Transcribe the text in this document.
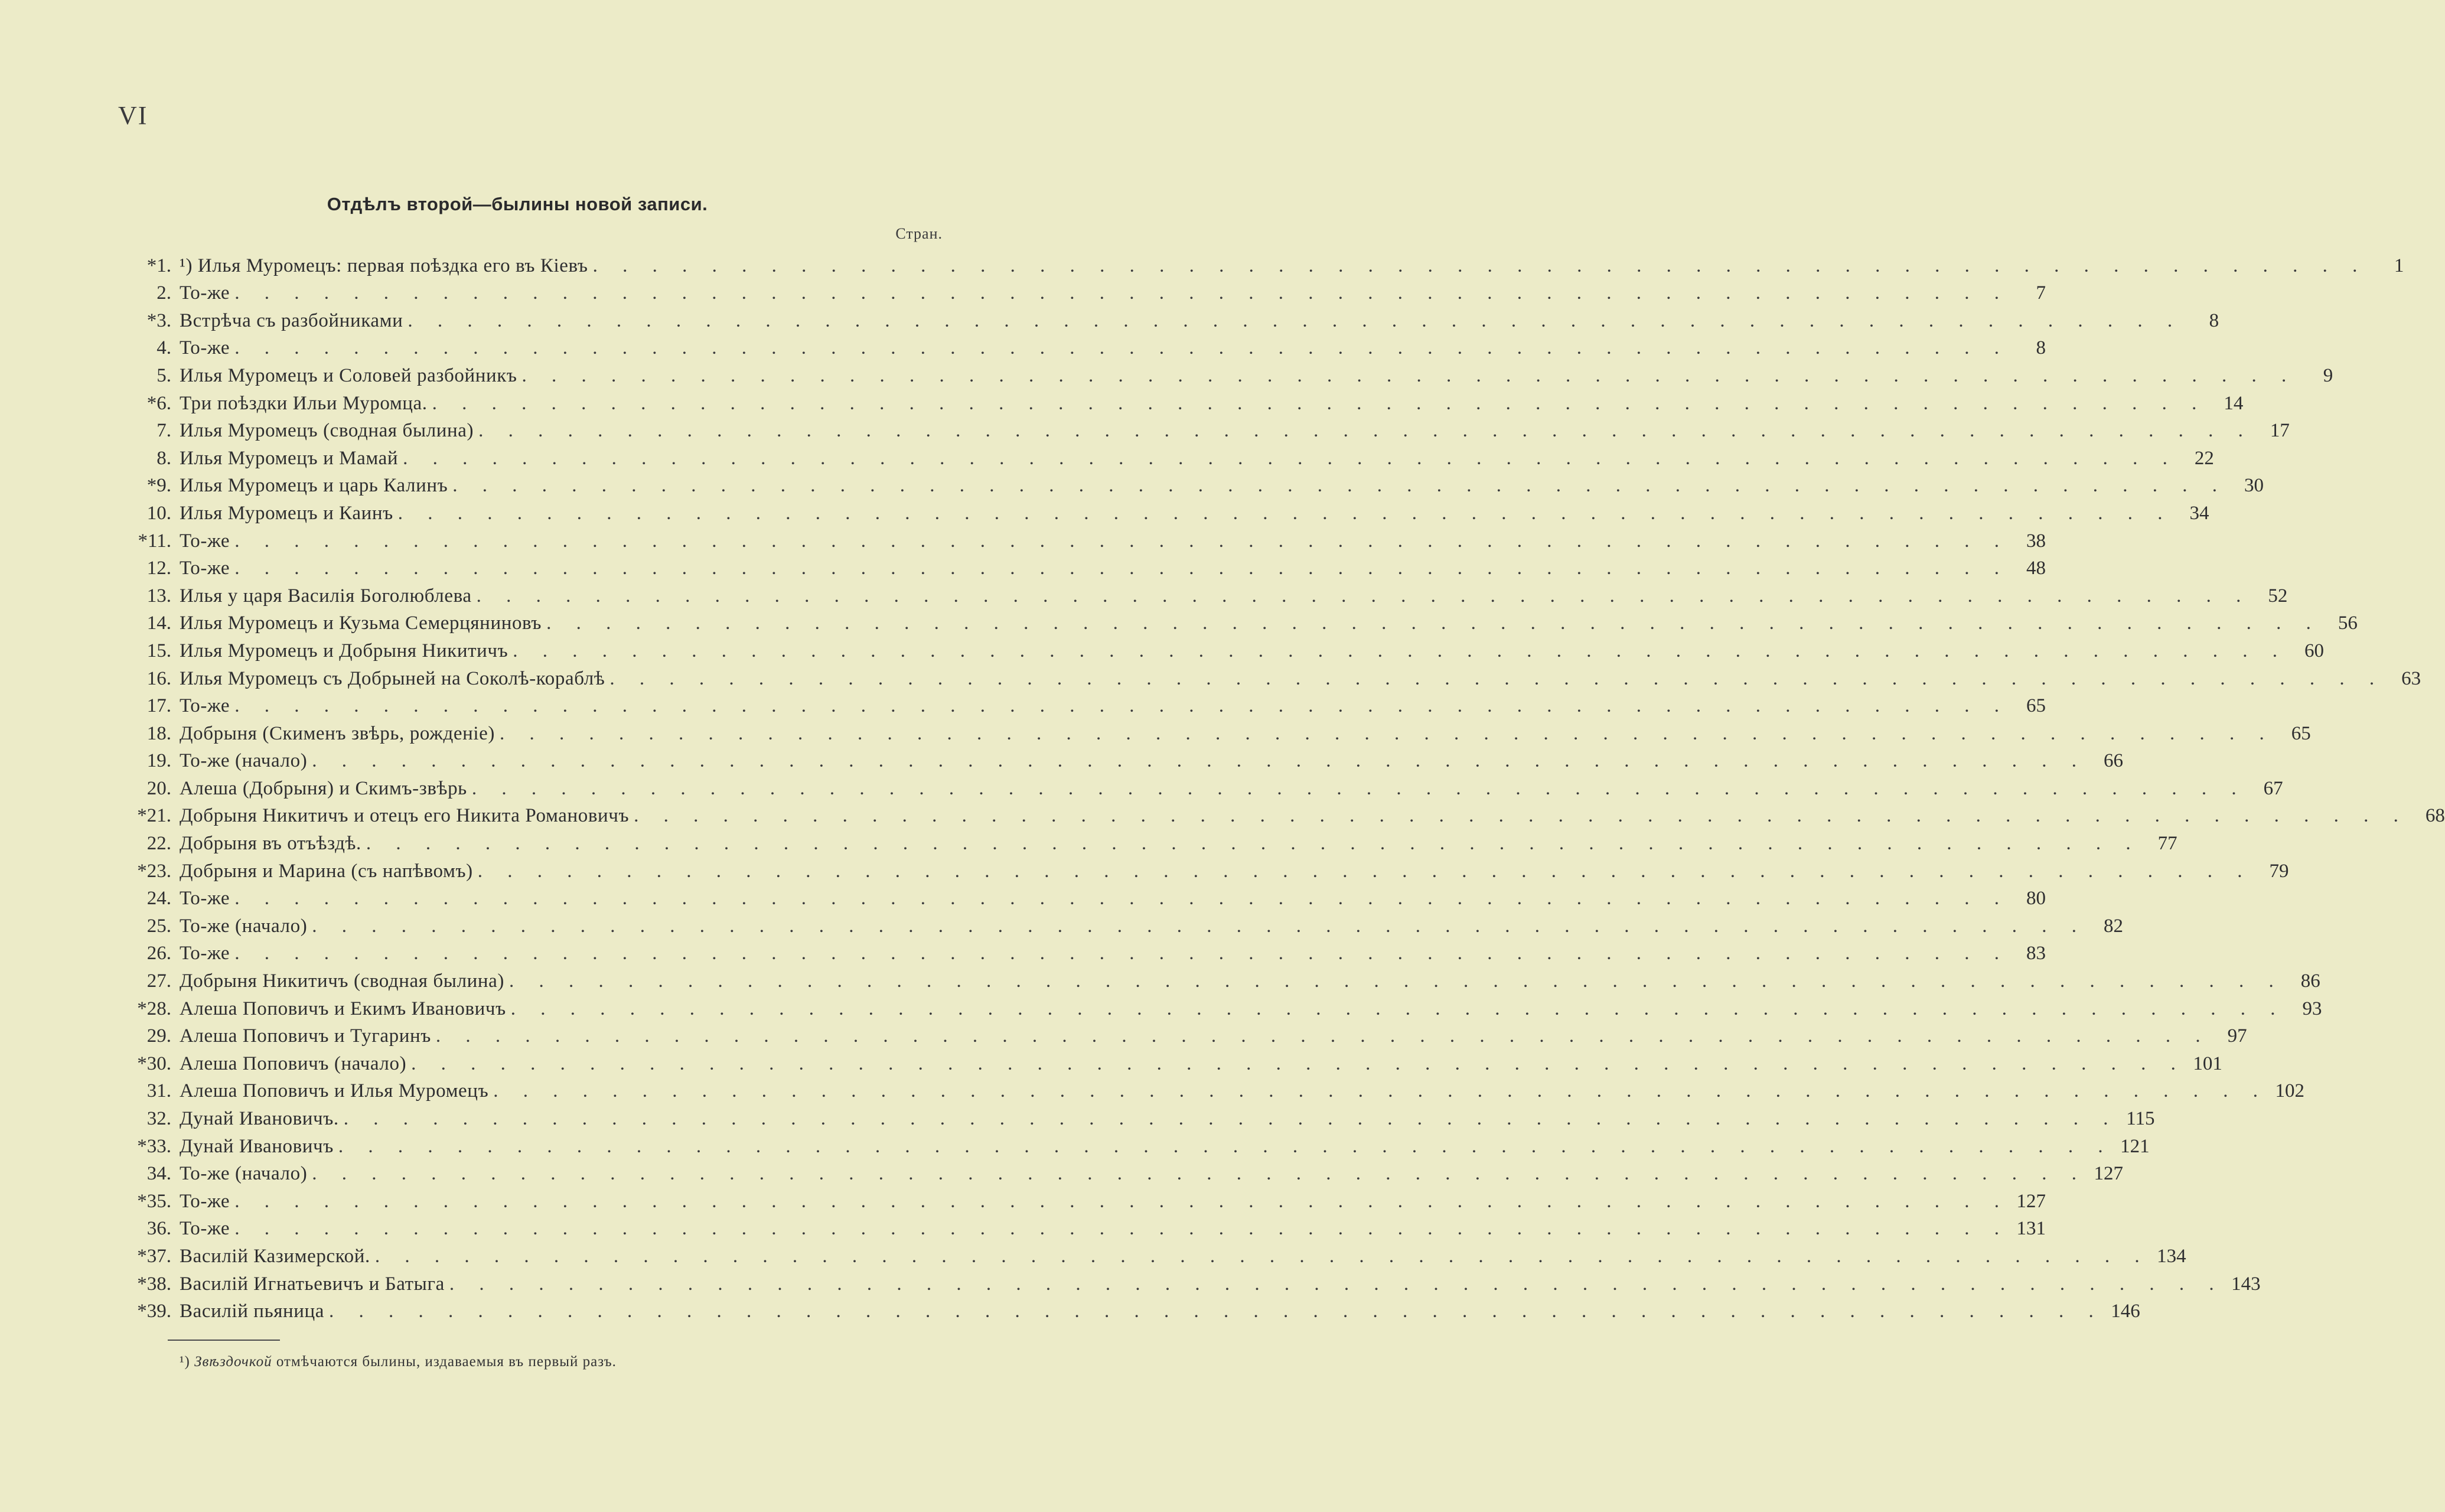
VI
Отдѣлъ второй—былины новой записи.
Стран.
*1. ¹) Илья Муромецъ: первая поѣздка его въ Кіевъ . . . . . . . . . . . . . . . . . . . . . . . . . . . . . . . . . . . . . . . . . . . . . . . . . . . . . . . . . . . .	1
2. То-же . . . . . . . . . . . . . . . . . . . . . . . . . . . . . . . . . . . . . . . . . . . . . . . . . . . . . . . . . . . .	7
*3. Встрѣча съ разбойниками . . . . . . . . . . . . . . . . . . . . . . . . . . . . . . . . . . . . . . . . . . . . . . . . . . . . . . . . . . . .	8
4. То-же . . . . . . . . . . . . . . . . . . . . . . . . . . . . . . . . . . . . . . . . . . . . . . . . . . . . . . . . . . . .	8
5. Илья Муромецъ и Соловей разбойникъ . . . . . . . . . . . . . . . . . . . . . . . . . . . . . . . . . . . . . . . . . . . . . . . . . . . . . . . . . . . .	9
*6. Три поѣздки Ильи Муромца. . . . . . . . . . . . . . . . . . . . . . . . . . . . . . . . . . . . . . . . . . . . . . . . . . . . . . . . . . . . . 14
7. Илья Муромецъ (сводная былина) . . . . . . . . . . . . . . . . . . . . . . . . . . . . . . . . . . . . . . . . . . . . . . . . . . . . . . . . . . . . 17
8. Илья Муромецъ и Мамай . . . . . . . . . . . . . . . . . . . . . . . . . . . . . . . . . . . . . . . . . . . . . . . . . . . . . . . . . . . . 22
*9. Илья Муромецъ и царь Калинъ . . . . . . . . . . . . . . . . . . . . . . . . . . . . . . . . . . . . . . . . . . . . . . . . . . . . . . . . . . . . 30
10. Илья Муромецъ и Каинъ . . . . . . . . . . . . . . . . . . . . . . . . . . . . . . . . . . . . . . . . . . . . . . . . . . . . . . . . . . . . 34
*11. То-же . . . . . . . . . . . . . . . . . . . . . . . . . . . . . . . . . . . . . . . . . . . . . . . . . . . . . . . . . . . . 38
12. То-же . . . . . . . . . . . . . . . . . . . . . . . . . . . . . . . . . . . . . . . . . . . . . . . . . . . . . . . . . . . . 48
13. Илья у царя Василія Боголюблева . . . . . . . . . . . . . . . . . . . . . . . . . . . . . . . . . . . . . . . . . . . . . . . . . . . . . . . . . . . . 52
14. Илья Муромецъ и Кузьма Семерцяниновъ . . . . . . . . . . . . . . . . . . . . . . . . . . . . . . . . . . . . . . . . . . . . . . . . . . . . . . . . . . . . 56
15. Илья Муромецъ и Добрыня Никитичъ . . . . . . . . . . . . . . . . . . . . . . . . . . . . . . . . . . . . . . . . . . . . . . . . . . . . . . . . . . . . 60
16. Илья Муромецъ съ Добрыней на Соколѣ-кораблѣ . . . . . . . . . . . . . . . . . . . . . . . . . . . . . . . . . . . . . . . . . . . . . . . . . . . . . . . . . . . . 63
17. То-же . . . . . . . . . . . . . . . . . . . . . . . . . . . . . . . . . . . . . . . . . . . . . . . . . . . . . . . . . . . . 65
18. Добрыня (Скименъ звѣрь, рожденіе) . . . . . . . . . . . . . . . . . . . . . . . . . . . . . . . . . . . . . . . . . . . . . . . . . . . . . . . . . . . . 65
19. То-же (начало) . . . . . . . . . . . . . . . . . . . . . . . . . . . . . . . . . . . . . . . . . . . . . . . . . . . . . . . . . . . . 66
20. Алеша (Добрыня) и Скимъ-звѣрь . . . . . . . . . . . . . . . . . . . . . . . . . . . . . . . . . . . . . . . . . . . . . . . . . . . . . . . . . . . . 67
*21. Добрыня Никитичъ и отецъ его Никита Романовичъ . . . . . . . . . . . . . . . . . . . . . . . . . . . . . . . . . . . . . . . . . . . . . . . . . . . . . . . . . . . . 68
22. Добрыня въ отъѣздѣ. . . . . . . . . . . . . . . . . . . . . . . . . . . . . . . . . . . . . . . . . . . . . . . . . . . . . . . . . . . . . 77
*23. Добрыня и Марина (съ напѣвомъ) . . . . . . . . . . . . . . . . . . . . . . . . . . . . . . . . . . . . . . . . . . . . . . . . . . . . . . . . . . . . 79
24. То-же . . . . . . . . . . . . . . . . . . . . . . . . . . . . . . . . . . . . . . . . . . . . . . . . . . . . . . . . . . . . 80
25. То-же (начало) . . . . . . . . . . . . . . . . . . . . . . . . . . . . . . . . . . . . . . . . . . . . . . . . . . . . . . . . . . . . 82
26. То-же . . . . . . . . . . . . . . . . . . . . . . . . . . . . . . . . . . . . . . . . . . . . . . . . . . . . . . . . . . . . 83
27. Добрыня Никитичъ (сводная былина) . . . . . . . . . . . . . . . . . . . . . . . . . . . . . . . . . . . . . . . . . . . . . . . . . . . . . . . . . . . . 86
*28. Алеша Поповичъ и Екимъ Ивановичъ . . . . . . . . . . . . . . . . . . . . . . . . . . . . . . . . . . . . . . . . . . . . . . . . . . . . . . . . . . . . 93
29. Алеша Поповичъ и Тугаринъ . . . . . . . . . . . . . . . . . . . . . . . . . . . . . . . . . . . . . . . . . . . . . . . . . . . . . . . . . . . . 97
*30. Алеша Поповичъ (начало) . . . . . . . . . . . . . . . . . . . . . . . . . . . . . . . . . . . . . . . . . . . . . . . . . . . . . . . . . . . . 101
31. Алеша Поповичъ и Илья Муромецъ . . . . . . . . . . . . . . . . . . . . . . . . . . . . . . . . . . . . . . . . . . . . . . . . . . . . . . . . . . . . 102
32. Дунай Ивановичъ. . . . . . . . . . . . . . . . . . . . . . . . . . . . . . . . . . . . . . . . . . . . . . . . . . . . . . . . . . . . . 115
*33. Дунай Ивановичъ . . . . . . . . . . . . . . . . . . . . . . . . . . . . . . . . . . . . . . . . . . . . . . . . . . . . . . . . . . . . 121
34. То-же (начало) . . . . . . . . . . . . . . . . . . . . . . . . . . . . . . . . . . . . . . . . . . . . . . . . . . . . . . . . . . . . 127
*35. То-же . . . . . . . . . . . . . . . . . . . . . . . . . . . . . . . . . . . . . . . . . . . . . . . . . . . . . . . . . . . . 127
36. То-же . . . . . . . . . . . . . . . . . . . . . . . . . . . . . . . . . . . . . . . . . . . . . . . . . . . . . . . . . . . . 131
*37. Василій Казимерской. . . . . . . . . . . . . . . . . . . . . . . . . . . . . . . . . . . . . . . . . . . . . . . . . . . . . . . . . . . . . 134
*38. Василій Игнатьевичъ и Батыга . . . . . . . . . . . . . . . . . . . . . . . . . . . . . . . . . . . . . . . . . . . . . . . . . . . . . . . . . . . . 143
*39. Василій пьяница . . . . . . . . . . . . . . . . . . . . . . . . . . . . . . . . . . . . . . . . . . . . . . . . . . . . . . . . . . . . 146
¹) Звѣздочкой отмѣчаются былины, издаваемыя въ первый разъ.
